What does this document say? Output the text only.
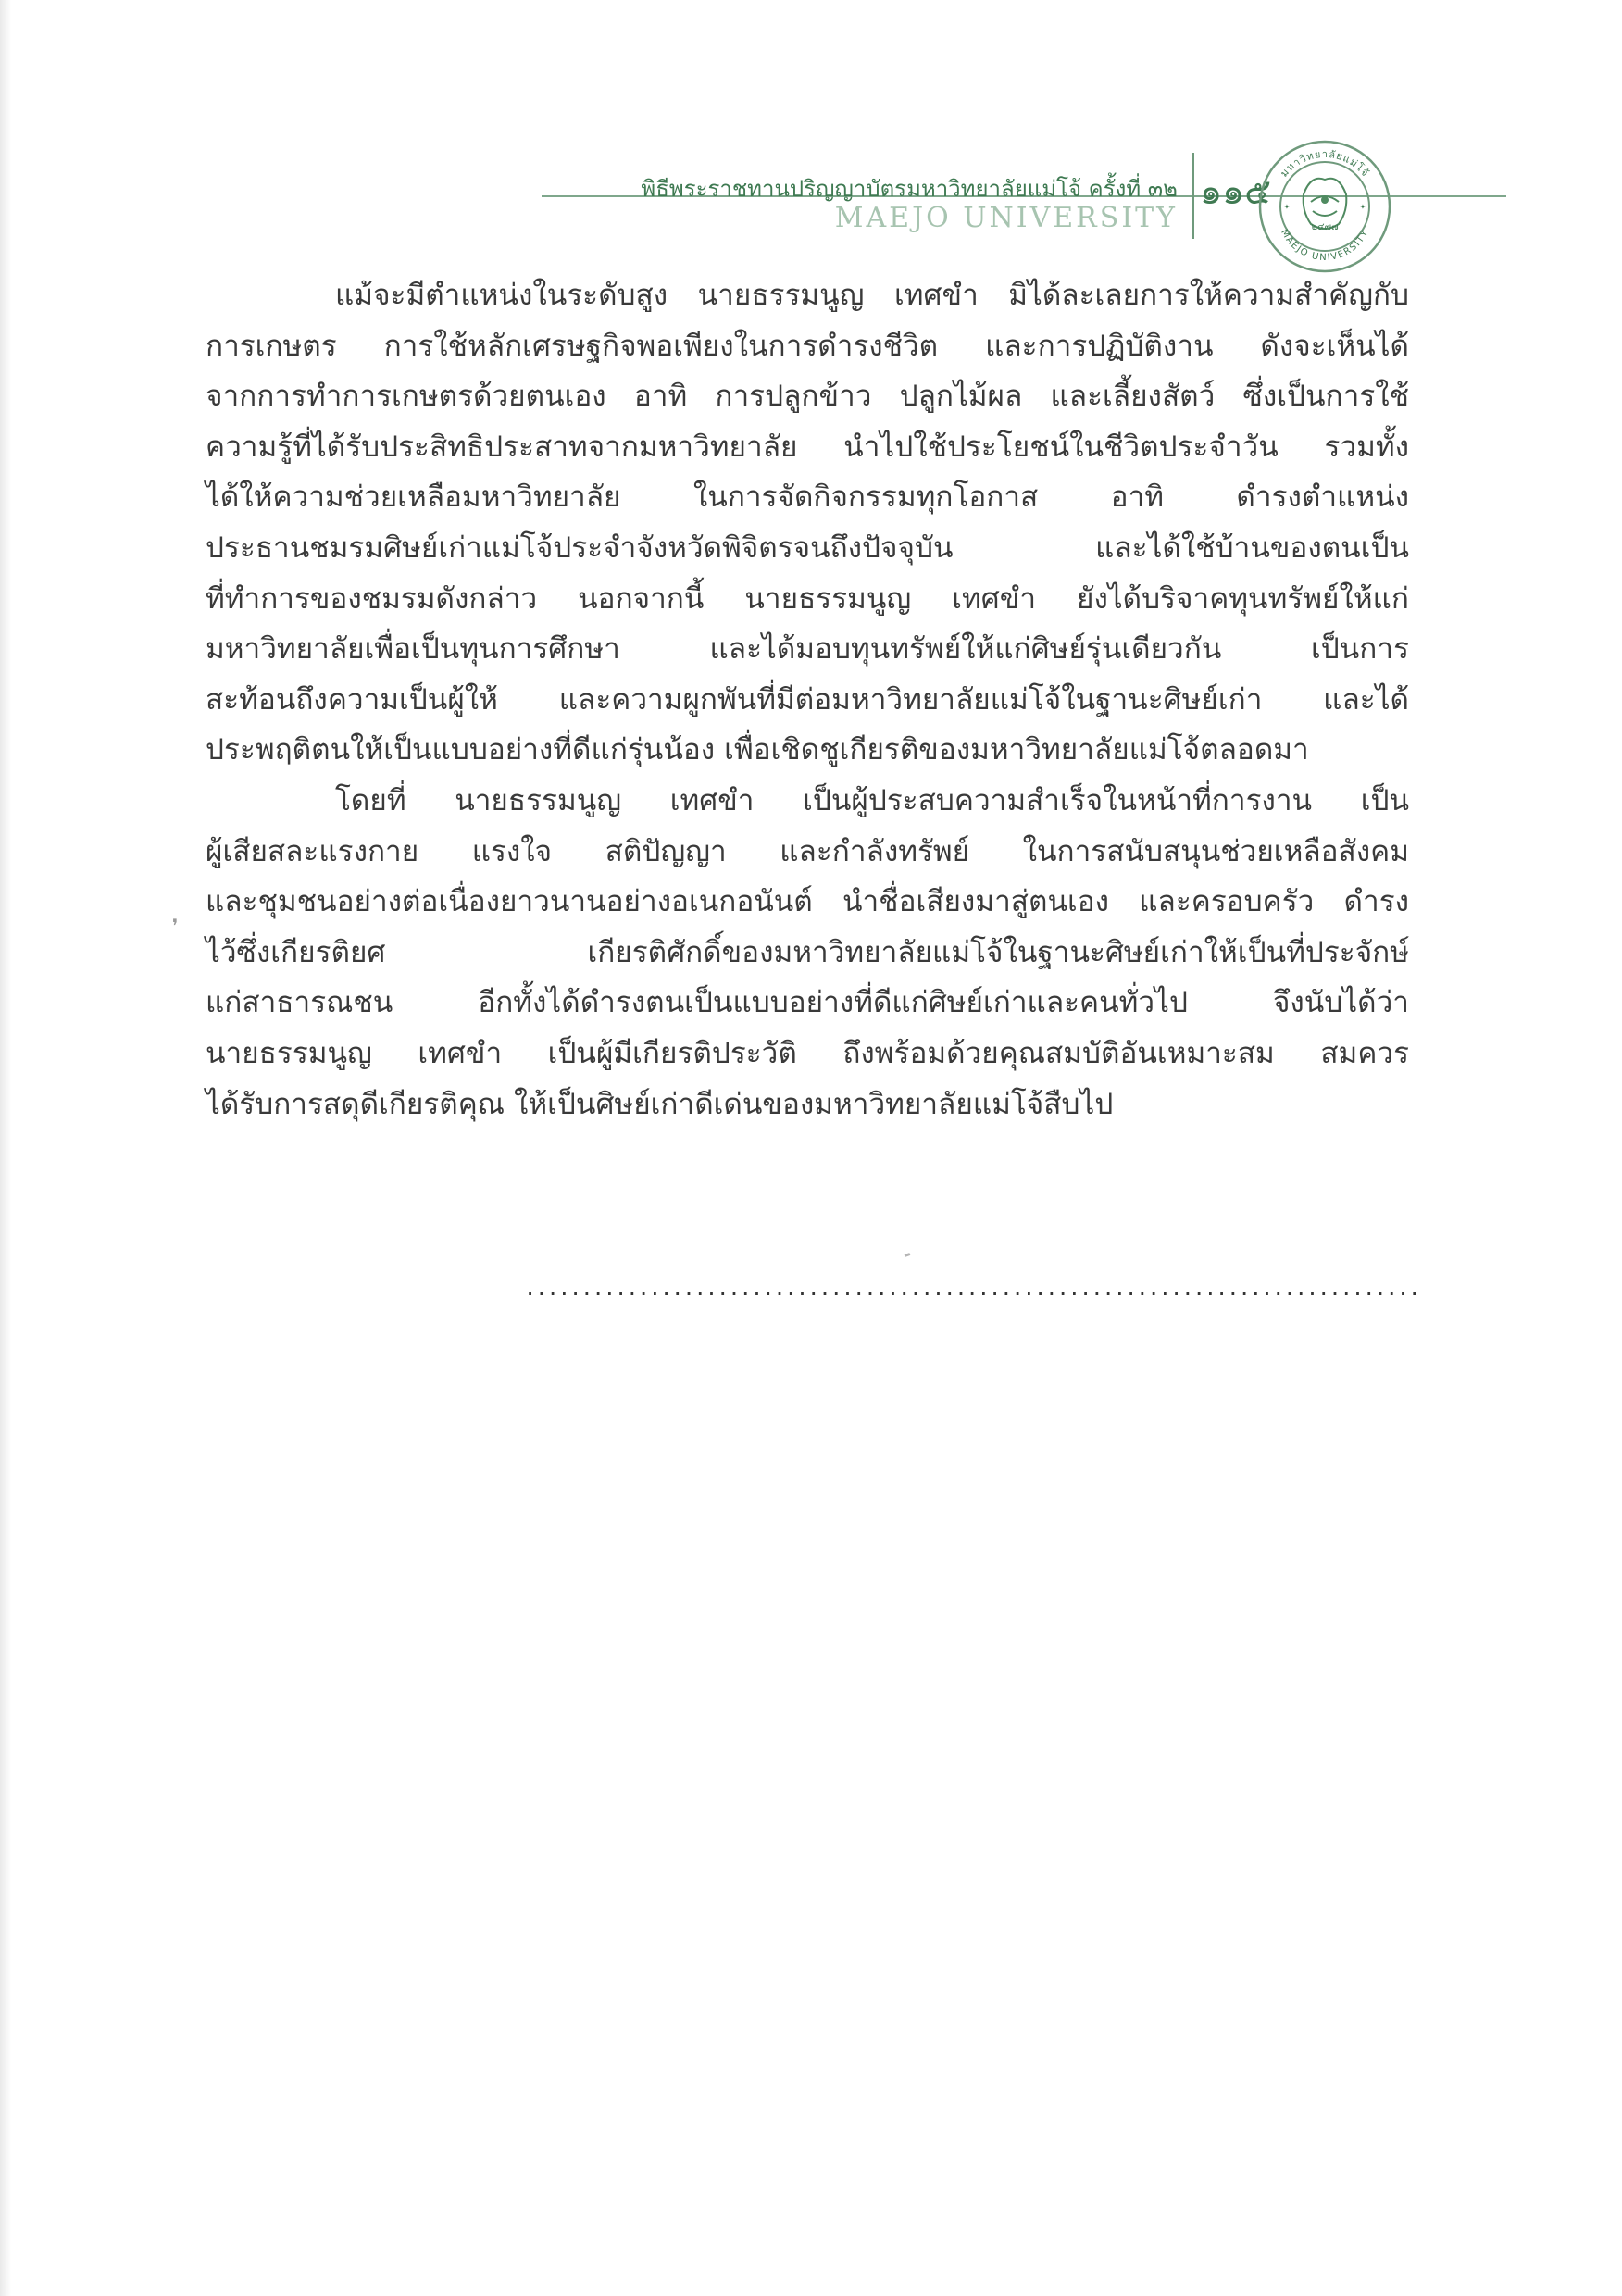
พิธีพระราชทานปริญญาบัตรมหาวิทยาลัยแม่โจ้ ครั้งที่ ๓๒
MAEJO UNIVERSITY
๑๑๕ มหาวิทยาลัยแม่โจ้
MAEJO UNIVERSITY
๒๔๗๗
✦	✦
แม้จะมีตำแหน่งในระดับสูง นายธรรมนูญ เทศขำ มิได้ละเลยการให้ความสำคัญกับ
การเกษตร การใช้หลักเศรษฐกิจพอเพียงในการดำรงชีวิต และการปฏิบัติงาน ดังจะเห็นได้
จากการทำการเกษตรด้วยตนเอง อาทิ การปลูกข้าว ปลูกไม้ผล และเลี้ยงสัตว์ ซึ่งเป็นการใช้
ความรู้ที่ได้รับประสิทธิประสาทจากมหาวิทยาลัย นำไปใช้ประโยชน์ในชีวิตประจำวัน รวมทั้ง
ได้ให้ความช่วยเหลือมหาวิทยาลัย ในการจัดกิจกรรมทุกโอกาส อาทิ ดำรงตำแหน่ง
ประธานชมรมศิษย์เก่าแม่โจ้ประจำจังหวัดพิจิตรจนถึงปัจจุบัน และได้ใช้บ้านของตนเป็น
ที่ทำการของชมรมดังกล่าว นอกจากนี้ นายธรรมนูญ เทศขำ ยังได้บริจาคทุนทรัพย์ให้แก่
มหาวิทยาลัยเพื่อเป็นทุนการศึกษา และได้มอบทุนทรัพย์ให้แก่ศิษย์รุ่นเดียวกัน เป็นการ
สะท้อนถึงความเป็นผู้ให้ และความผูกพันที่มีต่อมหาวิทยาลัยแม่โจ้ในฐานะศิษย์เก่า และได้
ประพฤติตนให้เป็นแบบอย่างที่ดีแก่รุ่นน้อง เพื่อเชิดชูเกียรติของมหาวิทยาลัยแม่โจ้ตลอดมา
โดยที่ นายธรรมนูญ เทศขำ เป็นผู้ประสบความสำเร็จในหน้าที่การงาน เป็น
ผู้เสียสละแรงกาย แรงใจ สติปัญญา และกำลังทรัพย์ ในการสนับสนุนช่วยเหลือสังคม
และชุมชนอย่างต่อเนื่องยาวนานอย่างอเนกอนันต์ นำชื่อเสียงมาสู่ตนเอง และครอบครัว ดำรง
ไว้ซึ่งเกียรติยศ เกียรติศักดิ์ของมหาวิทยาลัยแม่โจ้ในฐานะศิษย์เก่าให้เป็นที่ประจักษ์
แก่สาธารณชน อีกทั้งได้ดำรงตนเป็นแบบอย่างที่ดีแก่ศิษย์เก่าและคนทั่วไป จึงนับได้ว่า
นายธรรมนูญ เทศขำ เป็นผู้มีเกียรติประวัติ ถึงพร้อมด้วยคุณสมบัติอันเหมาะสม สมควร
ได้รับการสดุดีเกียรติคุณ ให้เป็นศิษย์เก่าดีเด่นของมหาวิทยาลัยแม่โจ้สืบไป
❜
...............................................................................
